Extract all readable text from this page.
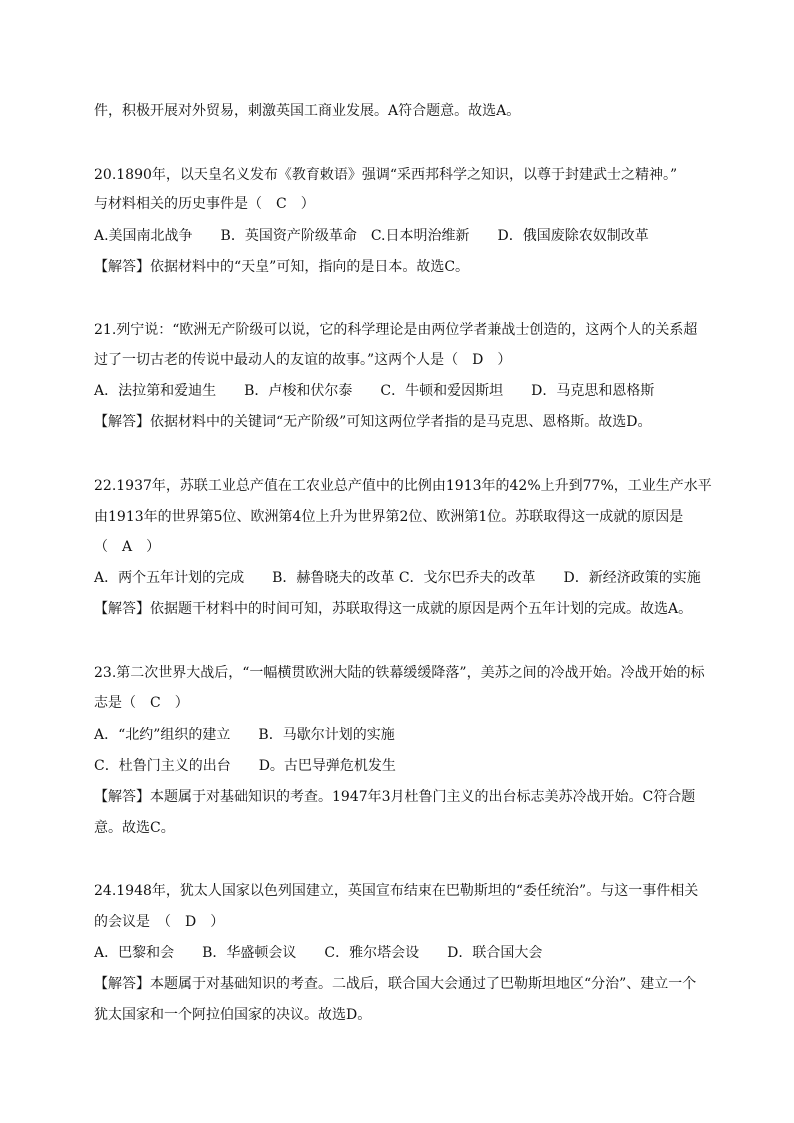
件，积极开展对外贸易，刺激英国工商业发展。A符合题意。故选A。
20.1890年，以天皇名义发布《教育敕语》强调“采西邦科学之知识，以尊于封建武士之精神。”
与材料相关的历史事件是（　C　）
A.美国南北战争　　B．英国资产阶级革命　C.日本明治维新　　D．俄国废除农奴制改革
【解答】依据材料中的“天皇”可知，指向的是日本。故选C。
21.列宁说：“欧洲无产阶级可以说，它的科学理论是由两位学者兼战士创造的，这两个人的关系超
过了一切古老的传说中最动人的友谊的故事。”这两个人是（　D　）
A．法拉第和爱迪生　　B．卢梭和伏尔泰　　C．牛顿和爱因斯坦　　D．马克思和恩格斯
【解答】依据材料中的关键词“无产阶级”可知这两位学者指的是马克思、恩格斯。故选D。
22.1937年，苏联工业总产值在工农业总产值中的比例由1913年的42%上升到77%，工业生产水平
由1913年的世界第5位、欧洲第4位上升为世界第2位、欧洲第1位。苏联取得这一成就的原因是
（　A　）
A．两个五年计划的完成　　B．赫鲁晓夫的改革 C．戈尔巴乔夫的改革　　D．新经济政策的实施
【解答】依据题干材料中的时间可知，苏联取得这一成就的原因是两个五年计划的完成。故选A。
23.第二次世界大战后，“一幅横贯欧洲大陆的铁幕缓缓降落”，美苏之间的冷战开始。冷战开始的标
志是（　C　）
A．“北约”组织的建立　　B．马歇尔计划的实施
C．杜鲁门主义的出台　　D。古巴导弹危机发生
【解答】本题属于对基础知识的考查。1947年3月杜鲁门主义的出台标志美苏冷战开始。C符合题
意。故选C。
24.1948年，犹太人国家以色列国建立，英国宣布结束在巴勒斯坦的“委任统治”。与这一事件相关
的会议是　（　D　）
A．巴黎和会　　B．华盛顿会议　　C．雅尔塔会设　　D．联合国大会
【解答】本题属于对基础知识的考查。二战后，联合国大会通过了巴勒斯坦地区“分治”、建立一个
犹太国家和一个阿拉伯国家的决议。故选D。
